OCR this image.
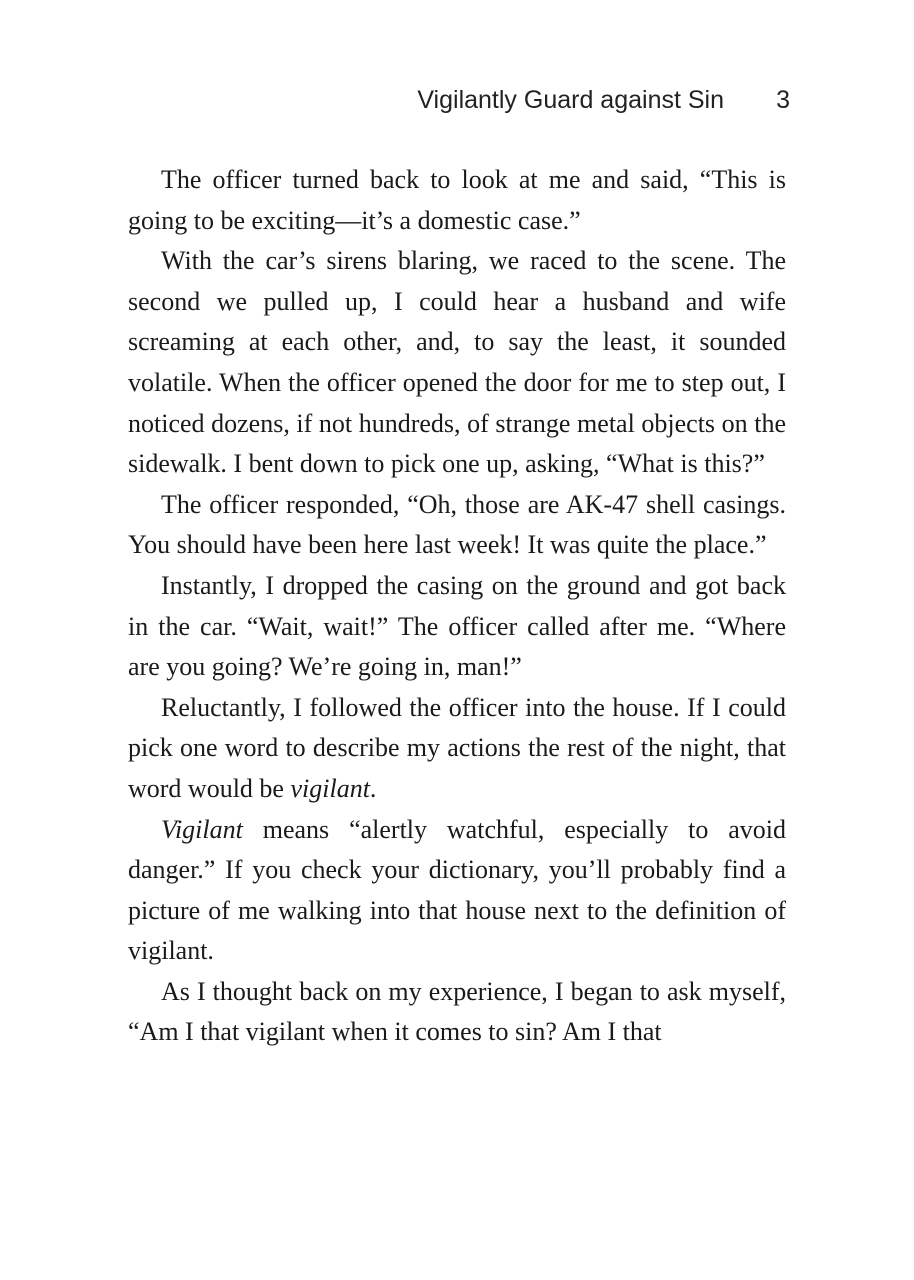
Vigilantly Guard against Sin	3

The officer turned back to look at me and said, “This is going to be exciting—it’s a domestic case.”

With the car’s sirens blaring, we raced to the scene. The second we pulled up, I could hear a husband and wife screaming at each other, and, to say the least, it sounded volatile. When the officer opened the door for me to step out, I noticed dozens, if not hundreds, of strange metal objects on the sidewalk. I bent down to pick one up, asking, “What is this?”

The officer responded, “Oh, those are AK-47 shell casings. You should have been here last week! It was quite the place.”

Instantly, I dropped the casing on the ground and got back in the car. “Wait, wait!” The officer called after me. “Where are you going? We’re going in, man!”

Reluctantly, I followed the officer into the house. If I could pick one word to describe my actions the rest of the night, that word would be vigilant.

Vigilant means “alertly watchful, especially to avoid danger.” If you check your dictionary, you’ll probably find a picture of me walking into that house next to the definition of vigilant.

As I thought back on my experience, I began to ask myself, “Am I that vigilant when it comes to sin? Am I that
